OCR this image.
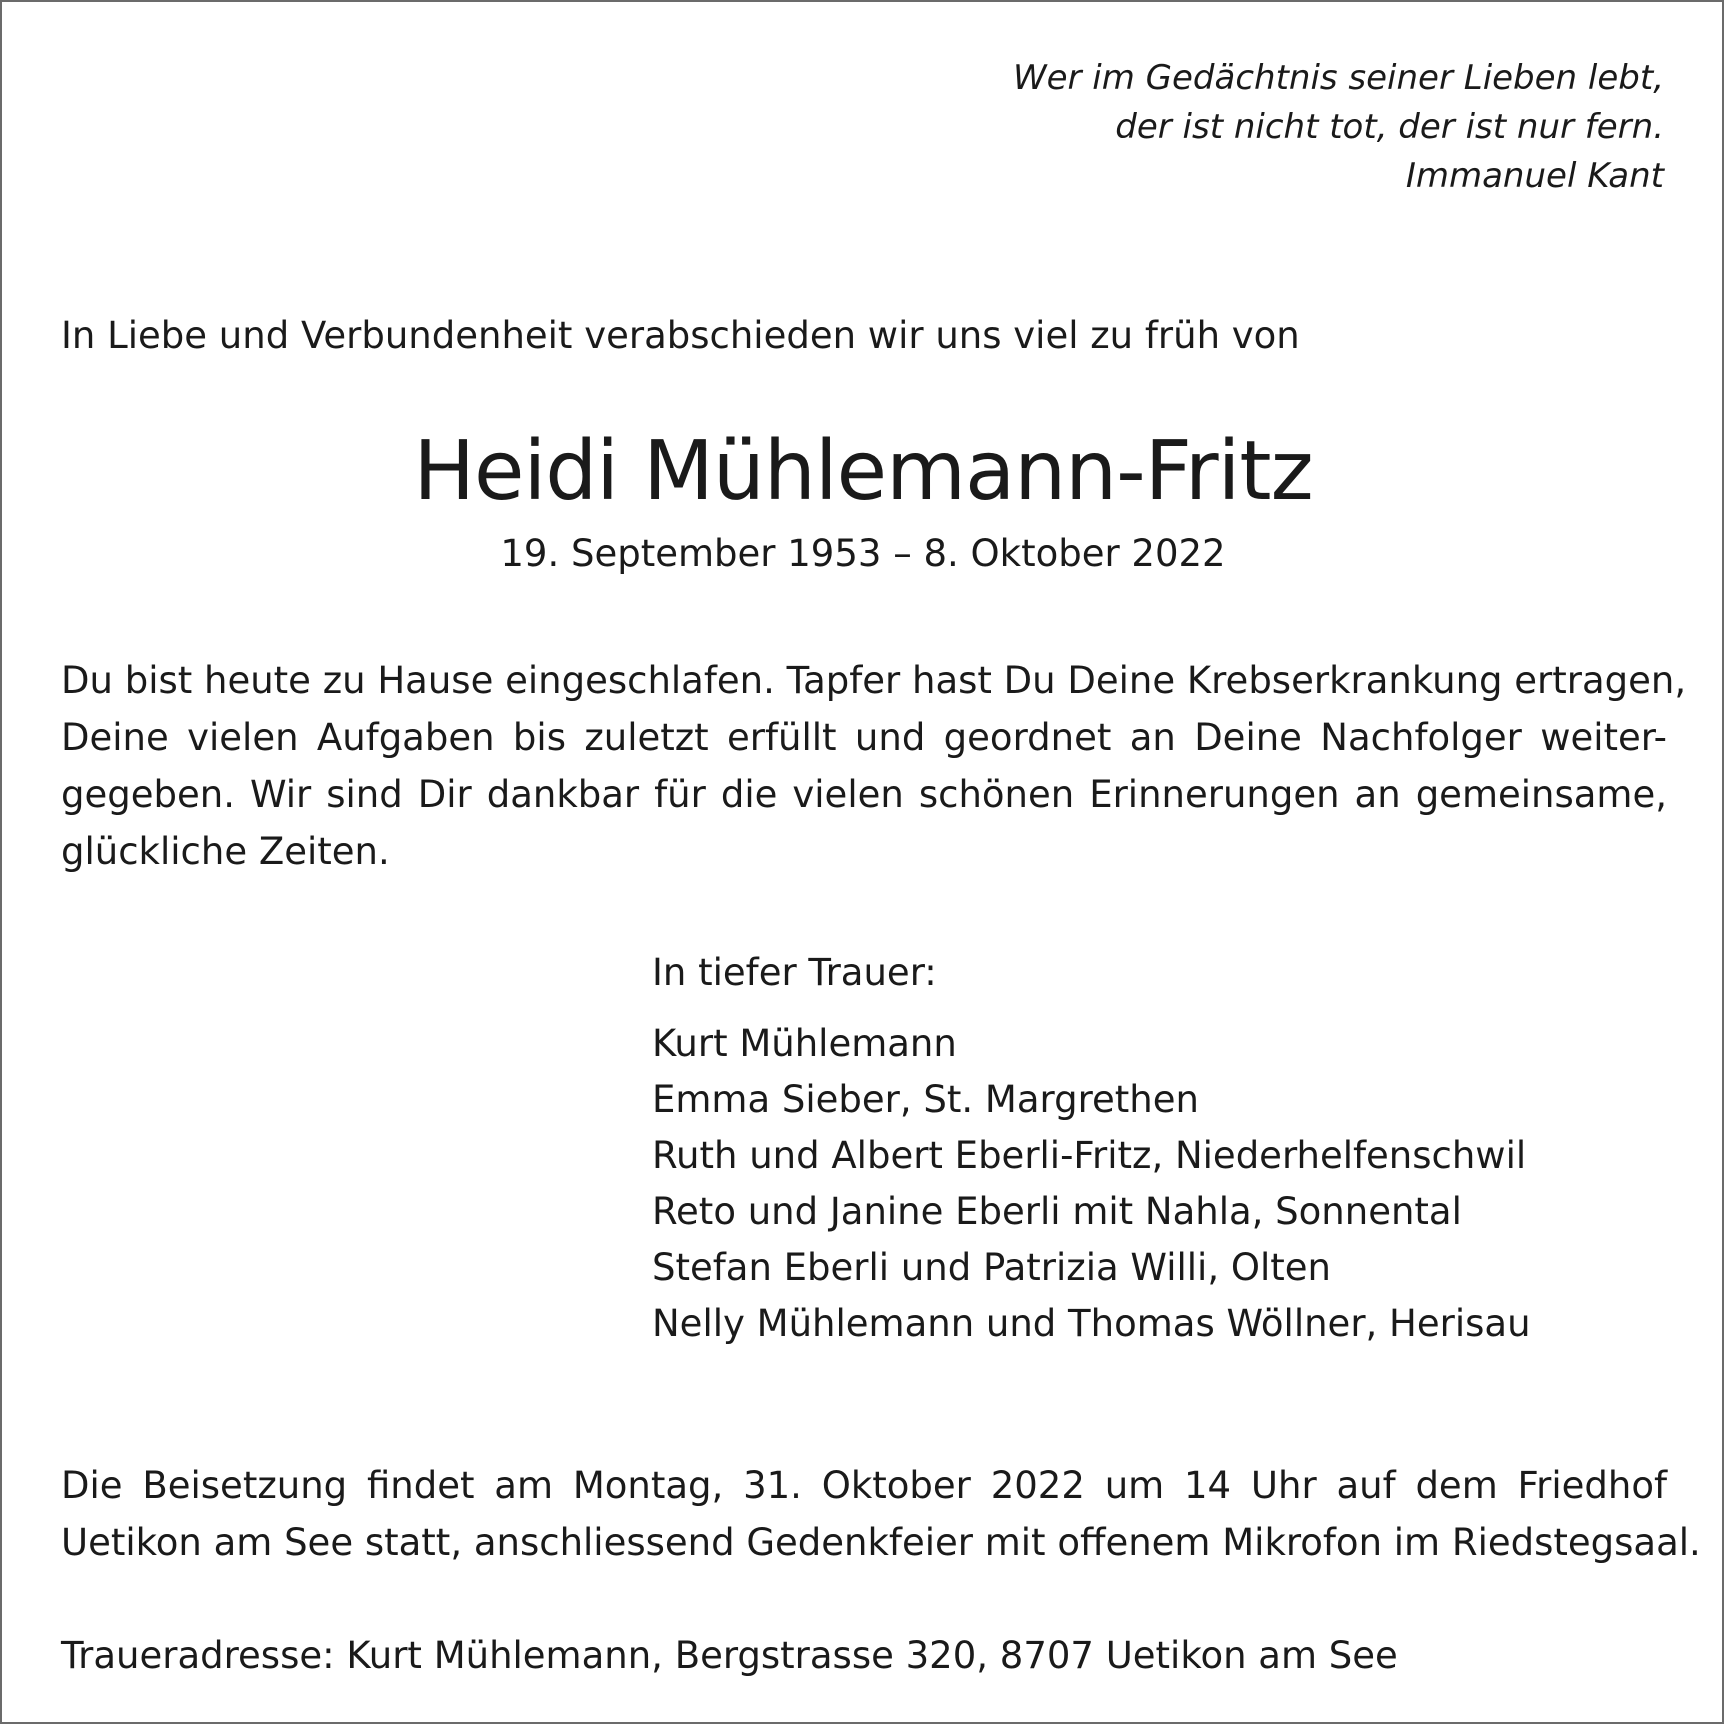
Wer im Gedächtnis seiner Lieben lebt,
der ist nicht tot, der ist nur fern.
Immanuel Kant
In Liebe und Verbundenheit verabschieden wir uns viel zu früh von
Heidi Mühlemann-Fritz
19. September 1953 – 8. Oktober 2022
Du bist heute zu Hause eingeschlafen. Tapfer hast Du Deine Krebserkrankung ertragen,
Deine vielen Aufgaben bis zuletzt erfüllt und geordnet an Deine Nachfolger weiter-
gegeben. Wir sind Dir dankbar für die vielen schönen Erinnerungen an gemeinsame,
glückliche Zeiten.
In tiefer Trauer:
Kurt Mühlemann
Emma Sieber, St. Margrethen
Ruth und Albert Eberli-Fritz, Niederhelfenschwil
Reto und Janine Eberli mit Nahla, Sonnental
Stefan Eberli und Patrizia Willi, Olten
Nelly Mühlemann und Thomas Wöllner, Herisau
Die Beisetzung findet am Montag, 31. Oktober 2022 um 14 Uhr auf dem Friedhof
Uetikon am See statt, anschliessend Gedenkfeier mit offenem Mikrofon im Riedstegsaal.
Traueradresse: Kurt Mühlemann, Bergstrasse 320, 8707 Uetikon am See
